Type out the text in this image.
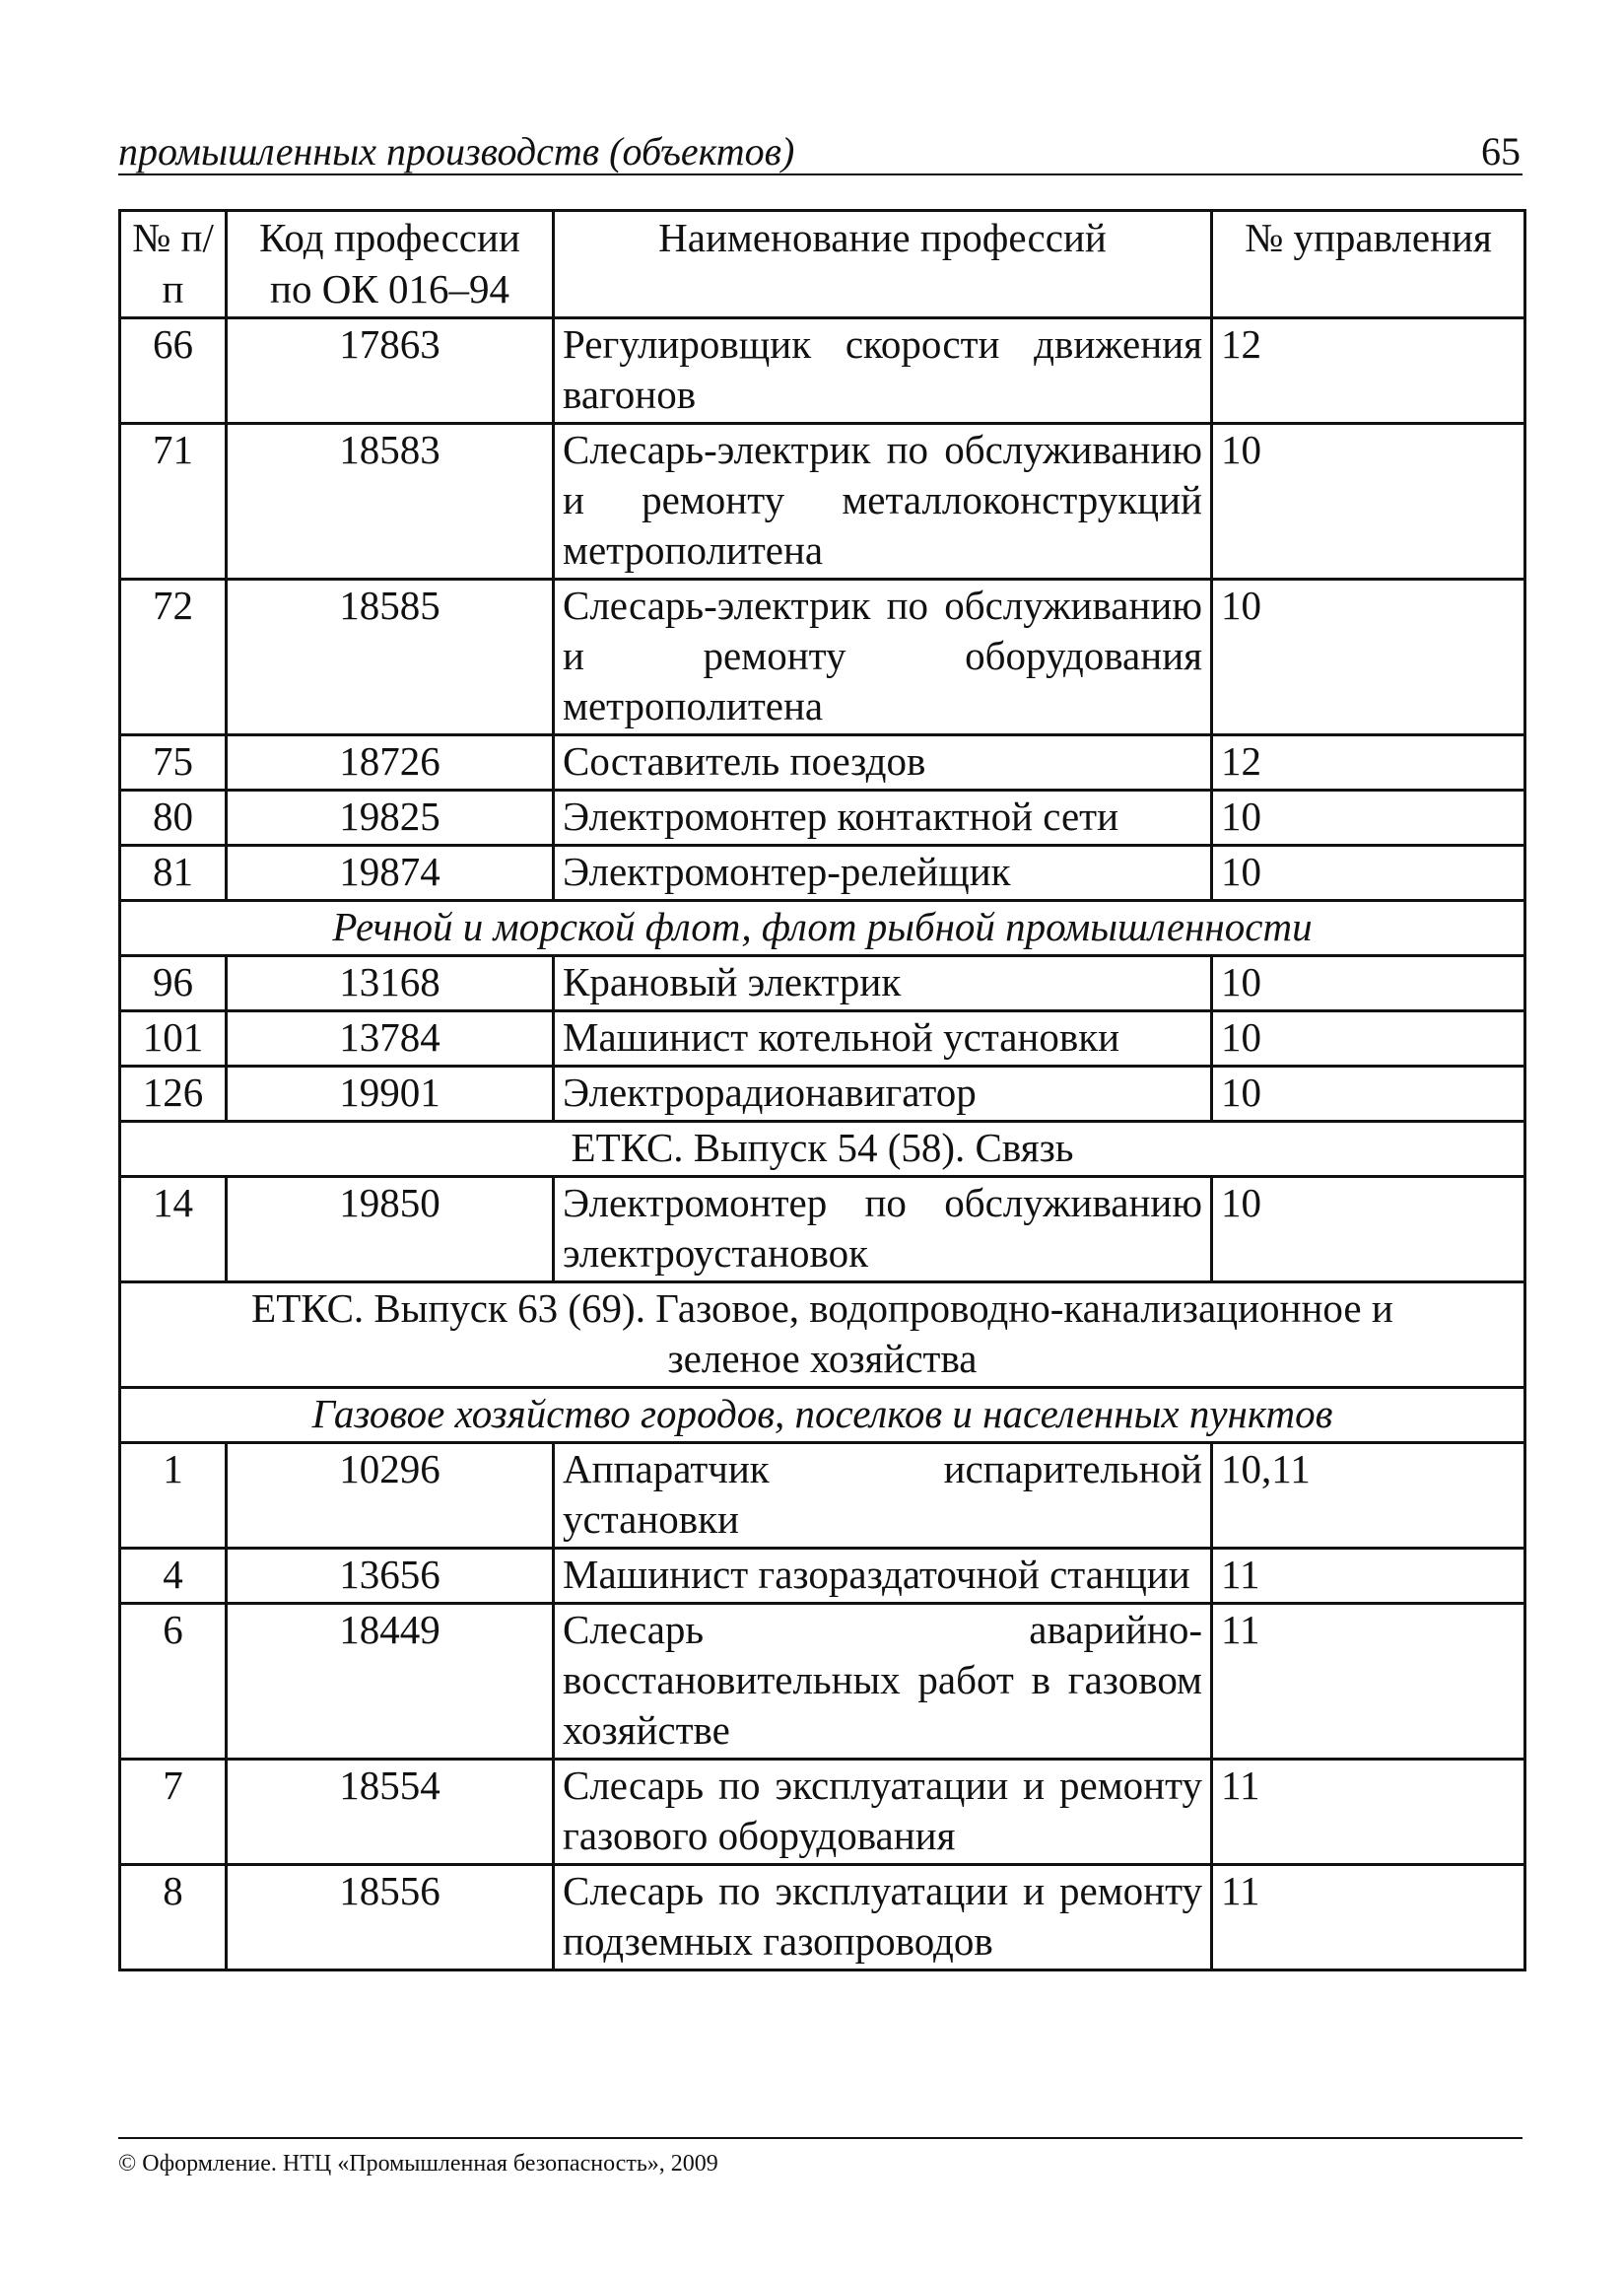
промышленных производств (объектов)	65
№ п/п	Код профессии по ОК 016–94	Наименование профессий	№ управления
66	17863	Регулировщик скорости движения вагонов	12
71	18583	Слесарь-электрик по обслуживанию и ремонту металлоконструкций метрополитена	10
72	18585	Слесарь-электрик по обслуживанию и ремонту оборудования метрополитена	10
75	18726	Составитель поездов	12
80	19825	Электромонтер контактной сети	10
81	19874	Электромонтер-релейщик	10
Речной и морской флот, флот рыбной промышленности			
96	13168	Крановый электрик	10
101	13784	Машинист котельной установки	10
126	19901	Электрорадионавигатор	10
ЕТКС. Выпуск 54 (58). Связь			
14	19850	Электромонтер по обслуживанию электроустановок	10
ЕТКС. Выпуск 63 (69). Газовое, водопроводно-канализационное и зеленое хозяйства			
Газовое хозяйство городов, поселков и населенных пунктов			
1	10296	Аппаратчик испарительной установки	10,11
4	13656	Машинист газораздаточной станции	11
6	18449	Слесарь аварийно-восстановительных работ в газовом хозяйстве	11
7	18554	Слесарь по эксплуатации и ремонту газового оборудования	11
8	18556	Слесарь по эксплуатации и ремонту подземных газопроводов	11
© Оформление. НТЦ «Промышленная безопасность», 2009
